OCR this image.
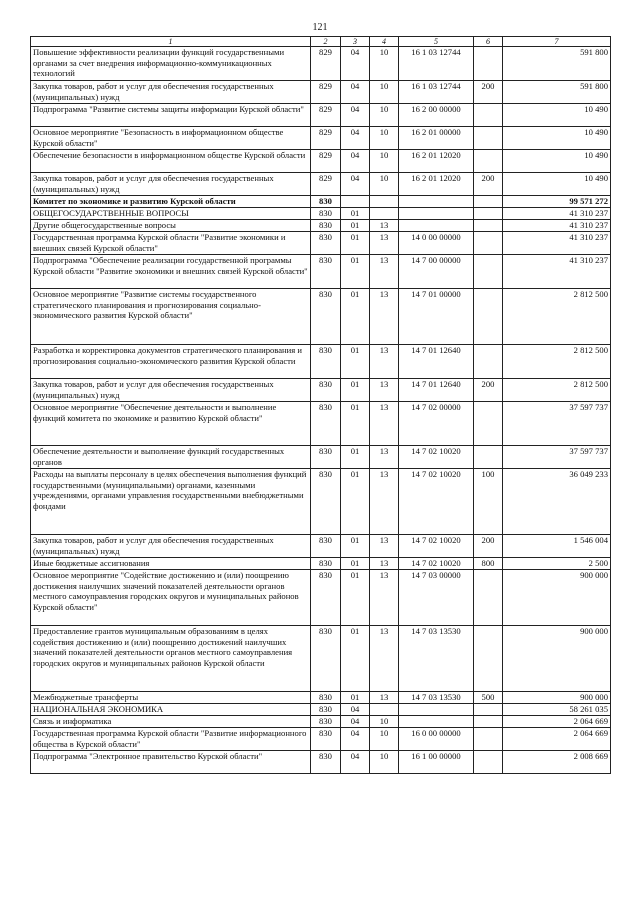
121
1	2	3	4	5	6	7
Повышение эффективности реализации функций государственными органами за счет внедрения информационно-коммуникационных технологий	829	04	10	16 1 03 12744		591 800
Закупка товаров, работ и услуг для обеспечения государственных (муниципальных) нужд	829	04	10	16 1 03 12744	200	591 800
Подпрограмма "Развитие системы защиты информации Курской области"	829	04	10	16 2 00 00000		10 490
Основное мероприятие "Безопасность в информационном обществе Курской области"	829	04	10	16 2 01 00000		10 490
Обеспечение безопасности в информационном обществе Курской области	829	04	10	16 2 01 12020		10 490
Закупка товаров, работ и услуг для обеспечения государственных (муниципальных) нужд	829	04	10	16 2 01 12020	200	10 490
Комитет по экономике и развитию Курской области	830					99 571 272
ОБЩЕГОСУДАРСТВЕННЫЕ ВОПРОСЫ	830	01				41 310 237
Другие общегосударственные вопросы	830	01	13			41 310 237
Государственная программа Курской области "Развитие экономики и внешних связей Курской области"	830	01	13	14 0 00 00000		41 310 237
Подпрограмма "Обеспечение реализации государственной программы Курской области "Развитие экономики и внешних связей Курской области"	830	01	13	14 7 00 00000		41 310 237
Основное мероприятие "Развитие системы государственного стратегического планирования и прогнозирования социально-экономического развития Курской области"	830	01	13	14 7 01 00000		2 812 500
Разработка и корректировка документов стратегического планирования и прогнозирования социально-экономического развития Курской области	830	01	13	14 7 01 12640		2 812 500
Закупка товаров, работ и услуг для обеспечения государственных (муниципальных) нужд	830	01	13	14 7 01 12640	200	2 812 500
Основное мероприятие "Обеспечение деятельности и выполнение функций комитета по экономике и развитию Курской области"	830	01	13	14 7 02 00000		37 597 737
Обеспечение деятельности и выполнение функций государственных органов	830	01	13	14 7 02 10020		37 597 737
Расходы на выплаты персоналу в целях обеспечения выполнения функций государственными (муниципальными) органами, казенными учреждениями, органами управления государственными внебюджетными фондами	830	01	13	14 7 02 10020	100	36 049 233
Закупка товаров, работ и услуг для обеспечения государственных (муниципальных) нужд	830	01	13	14 7 02 10020	200	1 546 004
Иные бюджетные ассигнования	830	01	13	14 7 02 10020	800	2 500
Основное мероприятие "Содействие достижению и (или) поощрению достижения наилучших значений показателей деятельности органов местного самоуправления городских округов и муниципальных районов Курской области"	830	01	13	14 7 03 00000		900 000
Предоставление грантов муниципальным образованиям в целях содействия достижению и (или) поощрению достижений наилучших значений показателей деятельности органов местного самоуправления городских округов и муниципальных районов Курской области	830	01	13	14 7 03 13530		900 000
Межбюджетные трансферты	830	01	13	14 7 03 13530	500	900 000
НАЦИОНАЛЬНАЯ ЭКОНОМИКА	830	04				58 261 035
Связь и информатика	830	04	10			2 064 669
Государственная программа Курской области "Развитие информационного общества в Курской области"	830	04	10	16 0 00 00000		2 064 669
Подпрограмма "Электронное правительство Курской области"	830	04	10	16 1 00 00000		2 008 669
